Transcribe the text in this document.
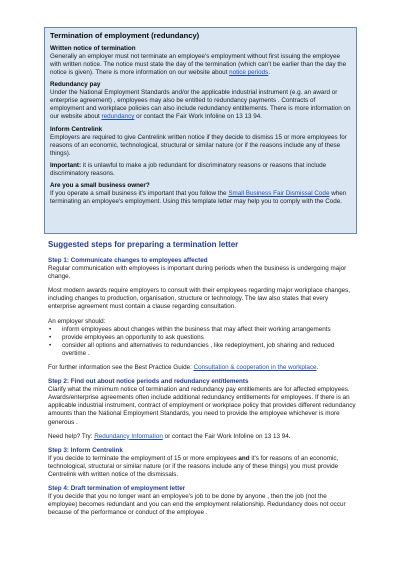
Termination of employment (redundancy)
Written notice of termination
Generally an employer must not terminate an employee's employment without first issuing the employee with written notice. The notice must state the day of the termination (which can't be earlier than the day the notice is given). There is more information on our website about notice periods.
Redundancy pay
Under the National Employment Standards and/or the applicable industrial instrument (e.g. an award or enterprise agreement) , employees may also be entitled to redundancy payments . Contracts of employment and workplace policies can also include redundancy entitlements. There is more information on our website about redundancy or contact the Fair Work Infoline on 13 13 94.
Inform Centrelink
Employers are required to give Centrelink written notice if they decide to dismiss 15 or more employees for reasons of an economic, technological, structural or similar nature (or if the reasons include any of these things).
Important: it is unlawful to make a job redundant for discriminatory reasons or reasons that include discriminatory reasons.
Are you a small business owner?
If you operate a small business it's important that you follow the Small Business Fair Dismissal Code when terminating an employee's employment. Using this template letter may help you to comply with the Code.
Suggested steps for preparing a termination letter
Step 1: Communicate changes to employees affected
Regular communication with employees is important during periods when the business is undergoing major change.
Most modern awards require employers to consult with their employees regarding major workplace changes, including changes to production, organisation, structure or technology. The law also states that every enterprise agreement must contain a clause regarding consultation.
An employer should:
• inform employees about changes within the business that may affect their working arrangements
• provide employees an opportunity to ask questions
• consider all options and alternatives to redundancies , like redeployment, job sharing and reduced overtime .
For further information see the Best Practice Guide: Consultation & cooperation in the workplace.
Step 2: Find out about notice periods and redundancy entitlements
Clarify what the minimum notice of termination and redundancy pay entitlements are for affected employees. Awards/enterprise agreements often include additional redundancy entitlements for employees. If there is an applicable industrial instrument, contract of employment or workplace policy that provides different redundancy amounts than the National Employment Standards, you need to provide the employee whichever is more generous .
Need help? Try: Redundancy Information or contact the Fair Work Infoline on 13 13 94.
Step 3: Inform Centrelink
If you decide to terminate the employment of 15 or more employees and it's for reasons of an economic, technological, structural or similar nature (or if the reasons include any of these things) you must provide Centrelink with written notice of the dismissals.
Step 4: Draft termination of employment letter
If you decide that you no longer want an employee's job to be done by anyone , then the job (not the employee) becomes redundant and you can end the employment relationship. Redundancy does not occur because of the performance or conduct of the employee .
